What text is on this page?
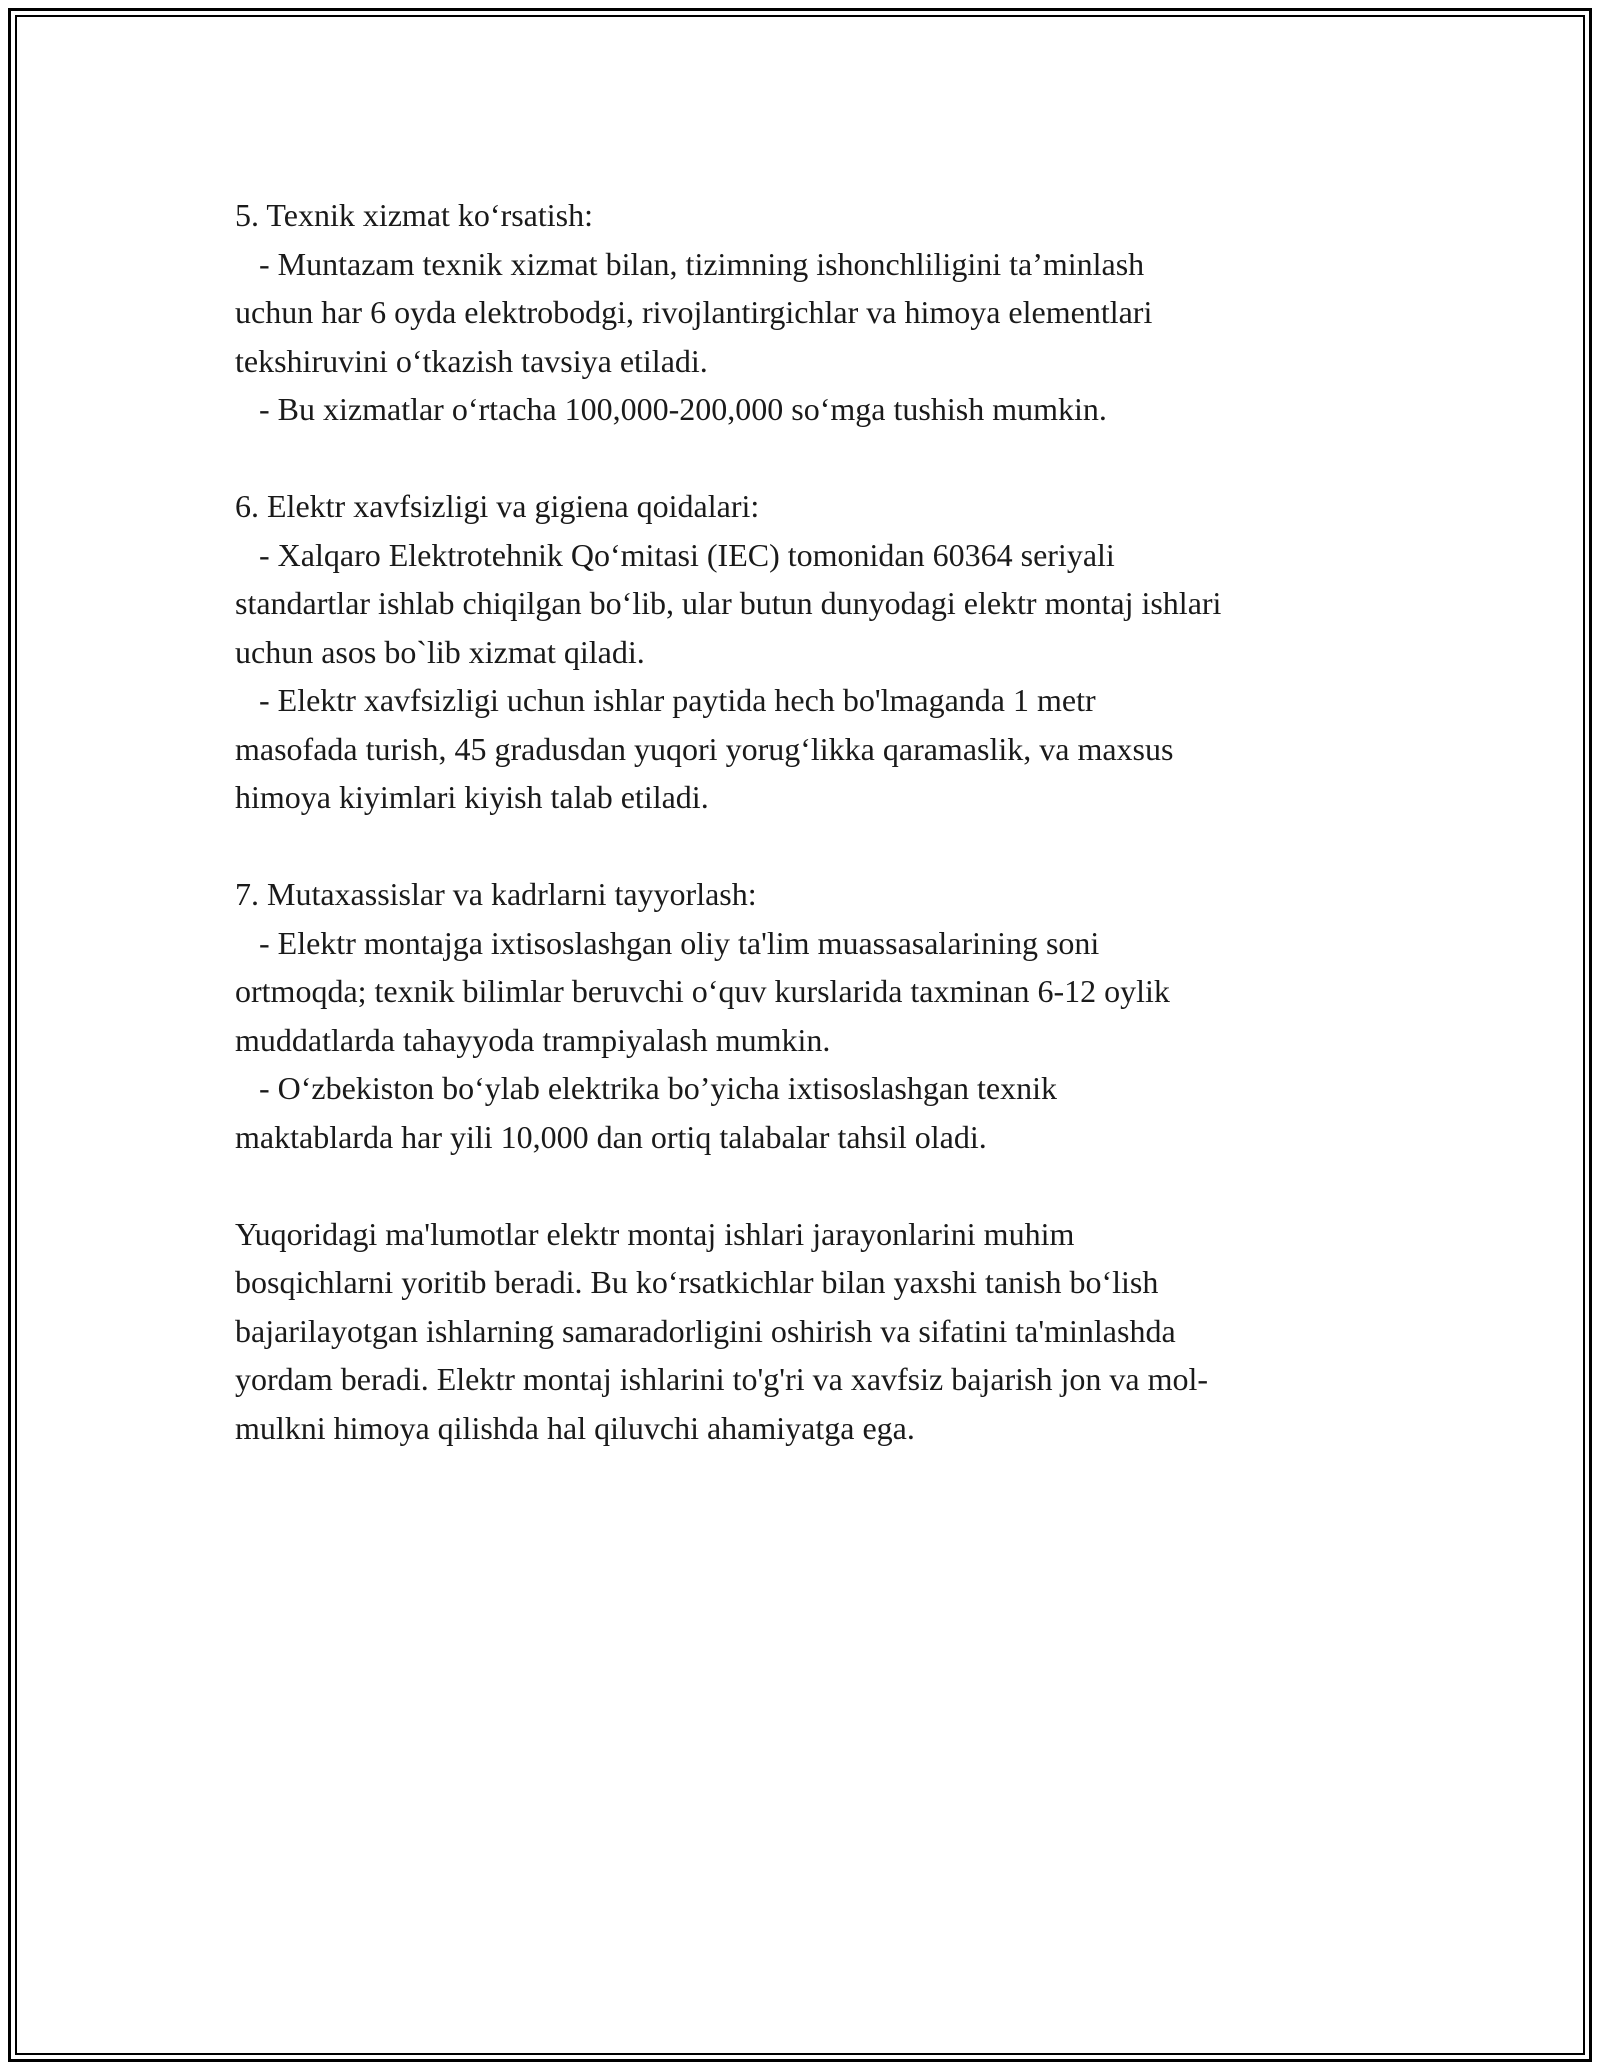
5. Texnik xizmat ko‘rsatish:
- Muntazam texnik xizmat bilan, tizimning ishonchliligini ta’minlash
uchun har 6 oyda elektrobodgi, rivojlantirgichlar va himoya elementlari
tekshiruvini o‘tkazish tavsiya etiladi.
- Bu xizmatlar o‘rtacha 100,000-200,000 so‘mga tushish mumkin.
6. Elektr xavfsizligi va gigiena qoidalari:
- Xalqaro Elektrotehnik Qo‘mitasi (IEC) tomonidan 60364 seriyali
standartlar ishlab chiqilgan bo‘lib, ular butun dunyodagi elektr montaj ishlari
uchun asos bo`lib xizmat qiladi.
- Elektr xavfsizligi uchun ishlar paytida hech bo'lmaganda 1 metr
masofada turish, 45 gradusdan yuqori yorug‘likka qaramaslik, va maxsus
himoya kiyimlari kiyish talab etiladi.
7. Mutaxassislar va kadrlarni tayyorlash:
- Elektr montajga ixtisoslashgan oliy ta'lim muassasalarining soni
ortmoqda; texnik bilimlar beruvchi o‘quv kurslarida taxminan 6-12 oylik
muddatlarda tahayyoda trampiyalash mumkin.
- O‘zbekiston bo‘ylab elektrika bo’yicha ixtisoslashgan texnik
maktablarda har yili 10,000 dan ortiq talabalar tahsil oladi.
Yuqoridagi ma'lumotlar elektr montaj ishlari jarayonlarini muhim
bosqichlarni yoritib beradi. Bu ko‘rsatkichlar bilan yaxshi tanish bo‘lish
bajarilayotgan ishlarning samaradorligini oshirish va sifatini ta'minlashda
yordam beradi. Elektr montaj ishlarini to'g'ri va xavfsiz bajarish jon va mol-
mulkni himoya qilishda hal qiluvchi ahamiyatga ega.
